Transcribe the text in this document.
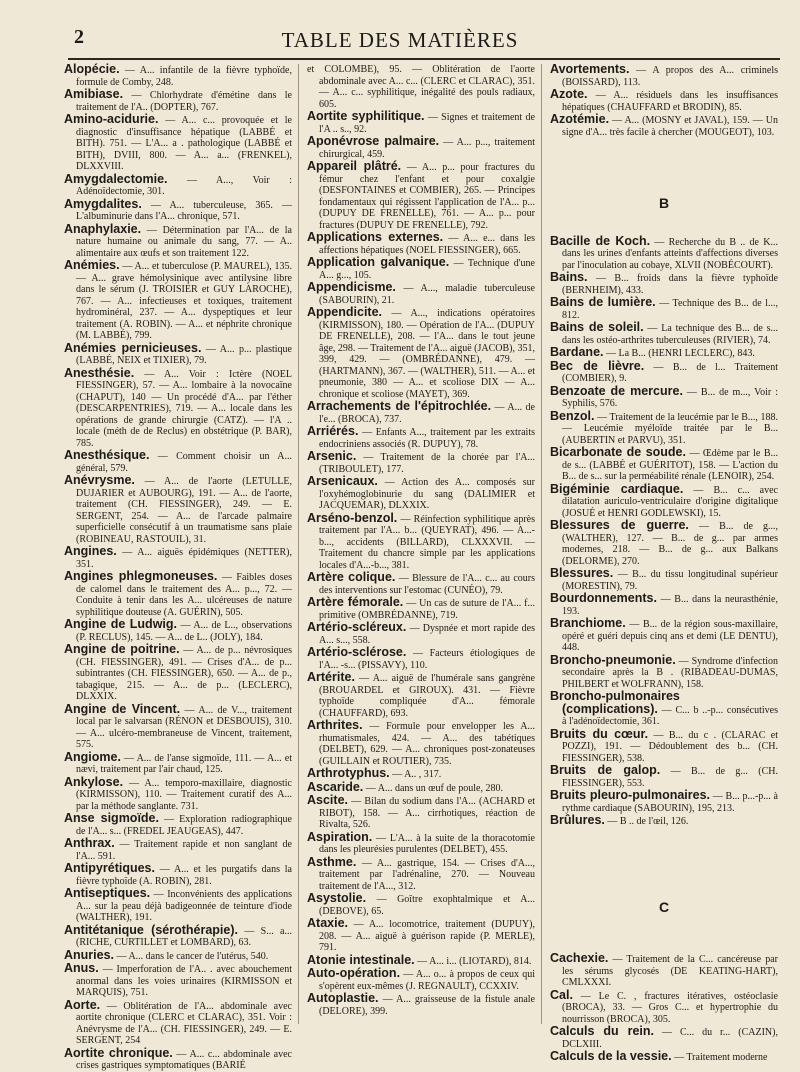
2	TABLE DES MATIÈRES
Alopécie. — A... infantile de la fièvre typhoïde, formule de Comby, 248.
Amibiase. — Chlorhydrate d'émétine dans le traitement de l'A.. (DOPTER), 767.
Amino-acidurie. — A... c... provoquée et le diagnostic d'insuffisance hépatique (LABBÉ et BITH). 751. — L'A... a . pathologique (LABBÉ et BITH), DVIII, 800. — A... a... (FRENKEL), DLXXVIII.
Amygdalectomie. — A..., Voir : Adénoïdectomie, 301.
Amygdalites. — A... tuberculeuse, 365. — L'albuminurie dans l'A... chronique, 571.
Anaphylaxie. — Détermination par l'A... de la nature humaine ou animale du sang, 77. — A.. alimentaire aux œufs et son traitement 122.
Anémies. — A... et tuberculose (P. MAUREL), 135. — A... grave hémolysinique avec antilysine libre dans le sérum (J. TROISIER et GUY LAROCHE), 767. — A... infectieuses et toxiques, traitement hydrominéral, 237. — A... dyspeptiques et leur traitement (A. ROBIN). — A... et néphrite chronique (M. LABBÉ), 799.
Anémies pernicieuses. — A... p... plastique (LABBÉ, NEIX et TIXIER), 79.
Anesthésie. — A... Voir : Ictère (NOEL FIESSINGER), 57. — A... lombaire à la novocaïne (CHAPUT), 140 — Un procédé d'A... par l'éther (DESCARPENTRIES), 719. — A... locale dans les opérations de grande chirurgie (CATZ). — l'A .. locale (méth de de Reclus) en obstétrique (P. BAR), 785.
Anesthésique. — Comment choisir un A... général, 579.
Anévrysme. — A... de l'aorte (LETULLE, DUJARIER et AUBOURG), 191. — A... de l'aorte, traitement (CH. FIESSINGER), 249. — E. SERGENT, 254. — A... de l'arcade palmaire superficielle consécutif à un traumatisme sans plaie (ROBINEAU, RASTOUIL), 31.
Angines. — A... aiguës épidémiques (NETTER), 351.
Angines phlegmoneuses. — Faibles doses de calomel dans le traitement des A... p..., 72. — Conduite à tenir dans les A... ulcéreuses de nature syphilitique douteuse (A. GUÉRIN), 505.
Angine de Ludwig. — A... de L.., observations (P. RECLUS), 145. — A... de L.. (JOLY), 184.
Angine de poitrine. — A... de p... névrosiques (CH. FIESSINGER), 491. — Crises d'A... de p... subintrantes (CH. FIESSINGER), 650. — A... de p., tabagique, 215. — A... de p... (LECLERC), DLXXIX.
Angine de Vincent. — A... de V..., traitement local par le salvarsan (RÉNON et DESBOUIS), 310. — A... ulcéro-membraneuse de Vincent, traitement, 575.
Angiome. — A... de l'anse sigmoïde, 111. — A... et nævi, traitement par l'air chaud, 125.
Ankylose. — A... temporo-maxillaire, diagnostic (KIRMISSON), 110. — Traitement curatif des A... par la méthode sanglante. 731.
Anse sigmoïde. — Exploration radiographique de l'A... s... (FREDEL JEAUGEAS), 447.
Anthrax. — Traitement rapide et non sanglant de l'A... 591.
Antipyrétiques. — A... et les purgatifs dans la fièvre typhoïde (A. ROBIN), 281.
Antiseptiques. — Inconvénients des applications A... sur la peau déjà badigeonnée de teinture d'iode (WALTHER), 191.
Antitétanique (sérothérapie). — S... a... (RICHE, CURTILLET et LOMBARD), 63.
Anuries. — A... dans le cancer de l'utérus, 540.
Anus. — Imperforation de l'A.. . avec abouchement anormal dans les voies urinaires (KIRMISSON et MARQUIS), 751.
Aorte. — Oblitération de l'A... abdominale avec aortite chronique (CLERC et CLARAC), 351. Voir : Anévrysme de l'A... (CH. FIESSINGER), 249. — E. SERGENT, 254
Aortite chronique. — A... c... abdominale avec crises gastriques symptomatiques (BARIÉ
et COLOMBE), 95. — Oblitération de l'aorte abdominale avec A... c... (CLERC et CLARAC), 351. — A... c... syphilitique, inégalité des pouls radiaux, 605.
Aortite syphilitique. — Signes et traitement de l'A .. s.., 92.
Aponévrose palmaire. — A... p..., traitement chirurgical, 459.
Appareil plâtré. — A... p... pour fractures du fémur chez l'enfant et pour coxalgie (DESFONTAINES et COMBIER), 265. — Principes fondamentaux qui régissent l'application de l'A... p... (DUPUY DE FRENELLE), 761. — A... p... pour fractures (DUPUY DE FRENELLE), 792.
Applications externes. — A... e... dans les affections hépatiques (NOEL FIESSINGER), 665.
Application galvanique. — Technique d'une A... g..., 105.
Appendicisme. — A..., maladie tuberculeuse (SABOURIN), 21.
Appendicite. — A..., indications opératoires (KIRMISSON), 180. — Opération de l'A... (DUPUY DE FRENELLE), 208. — l'A... dans le tout jeune âge, 298. — Traitement de l'A... aiguë (JACOB), 351, 399, 429. — (OMBRÉDANNE), 479. — (HARTMANN), 367. — (WALTHER), 511. — A... et pneumonie, 380 — A... et scoliose DIX — A... chronique et scoliose (MAYET), 369.
Arrachements de l'épitrochlée. — A... de l'e... (BROCA), 737.
Arriérés. — Enfants A..., traitement par les extraits endocriniens associés (R. DUPUY), 78.
Arsenic. — Traitement de la chorée par l'A... (TRIBOULET), 177.
Arsenicaux. — Action des A... composés sur l'oxyhémoglobinurie du sang (DALIMIER et JACQUEMAR), DLXXIX.
Arséno-benzol. — Réinfection syphilitique après traitement par l'A... b... (QUEYRAT), 496. — A...-b..., accidents (BILLARD), CLXXXVII. — Traitement du chancre simple par les applications locales d'A...-b..., 381.
Artère colique. — Blessure de l'A... c... au cours des interventions sur l'estomac (CUNÉO), 79.
Artère fémorale. — Un cas de suture de l'A... f... primitive (OMBRÉDANNE), 719.
Artério-scléreux. — Dyspnée et mort rapide des A... s..., 558.
Artério-sclérose. — Facteurs étiologiques de l'A... -s... (PISSAVY), 110.
Artérite. — A... aiguë de l'humérale sans gangrène (BROUARDEL et GIROUX). 431. — Fièvre typhoïde compliquée d'A... fémorale (CHAUFFARD), 693.
Arthrites. — Formule pour envelopper les A... rhumatismales, 424. — A... des tabétiques (DELBET), 629. — A... chroniques post-zonateuses (GUILLAIN et ROUTIER), 735.
Arthrotyphus. — A.. , 317.
Ascaride. — A... dans un œuf de poule, 280.
Ascite. — Bilan du sodium dans l'A... (ACHARD et RIBOT), 158. — A... cirrhotiques, réaction de Rivalta, 526.
Aspiration. — L'A... à la suite de la thoracotomie dans les pleurésies purulentes (DELBET), 455.
Asthme. — A... gastrique, 154. — Crises d'A..., traitement par l'adrénaline, 270. — Nouveau traitement de l'A..., 312.
Asystolie. — Goître exophtalmique et A... (DEBOVE), 65.
Ataxie. — A... locomotrice, traitement (DUPUY), 208. — A... aiguë à guérison rapide (P. MERLE), 791.
Atonie intestinale. — A... i... (LIOTARD), 814.
Auto-opération. — A... o... à propos de ceux qui s'opèrent eux-mêmes (J. REGNAULT), CCXXIV.
Autoplastie. — A... graisseuse de la fistule anale (DELORE), 399.
Avortements. — A propos des A... criminels (BOISSARD), 113.
Azote. — A... résiduels dans les insuffisances hépatiques (CHAUFFARD et BRODIN), 85.
Azotémie. — A... (MOSNY et JAVAL), 159. — Un signe d'A... très facile à chercher (MOUGEOT), 103.
B
Bacille de Koch. — Recherche du B .. de K... dans les urines d'enfants atteints d'affections diverses par l'inoculation au cobaye, XLVII (NOBÉCOURT).
Bains. — B... froids dans la fièvre typhoïde (BERNHEIM), 433.
Bains de lumière. — Technique des B... de l..., 812.
Bains de soleil. — La technique des B... de s... dans les ostéo-arthrites tuberculeuses (RIVIER), 74.
Bardane. — La B... (HENRI LECLERC), 843.
Bec de lièvre. — B... de l... Traitement (COMBIER), 9.
Benzoate de mercure. — B... de m..., Voir : Syphilis, 576.
Benzol. — Traitement de la leucémie par le B..., 188. — Leucémie myéloïde traitée par le B... (AUBERTIN et PARVU), 351.
Bicarbonate de soude. — Œdème par le B... de s... (LABBÉ et GUÉRITOT), 158. — L'action du B... de s... sur la perméabilité rénale (LENOIR), 254.
Bigéminie cardiaque. — B... c... avec dilatation auriculo-ventriculaire d'origine digitalique (JOSUÉ et HENRI GODLEWSKI), 15.
Blessures de guerre. — B... de g..., (WALTHER), 127. — B... de g... par armes modernes, 218. — B... de g... aux Balkans (DELORME), 270.
Blessures. — B... du tissu longitudinal supérieur (MORESTIN), 79.
Bourdonnements. — B... dans la neurasthénie, 193.
Branchiome. — B... de la région sous-maxillaire, opéré et guéri depuis cinq ans et demi (LE DENTU), 448.
Broncho-pneumonie. — Syndrome d'infection secondaire après la B . (RIBADEAU-DUMAS, PHILBERT et WOLFRANN), 158.
Broncho-pulmonaires (complications). — C... b ..-p... consécutives à l'adénoïdectomie, 361.
Bruits du cœur. — B... du c . (CLARAC et POZZI), 191. — Dédoublement des b... (CH. FIESSINGER), 538.
Bruits de galop. — B... de g... (CH. FIESSINGER), 553.
Bruits pleuro-pulmonaires. — B... p...-p... à rythme cardiaque (SABOURIN), 195, 213.
Brûlures. — B .. de l'œil, 126.
C
Cachexie. — Traitement de la C... cancéreuse par les sérums glycosés (DE KEATING-HART), CMLXXXI.
Cal. — Le C. , fractures itératives, ostéoclasie (BROCA), 33. — Gros C... et hypertrophie du nourrisson (BROCA), 305.
Calculs du rein. — C... du r... (CAZIN), DCLXIII.
Calculs de la vessie. — Traitement moderne
